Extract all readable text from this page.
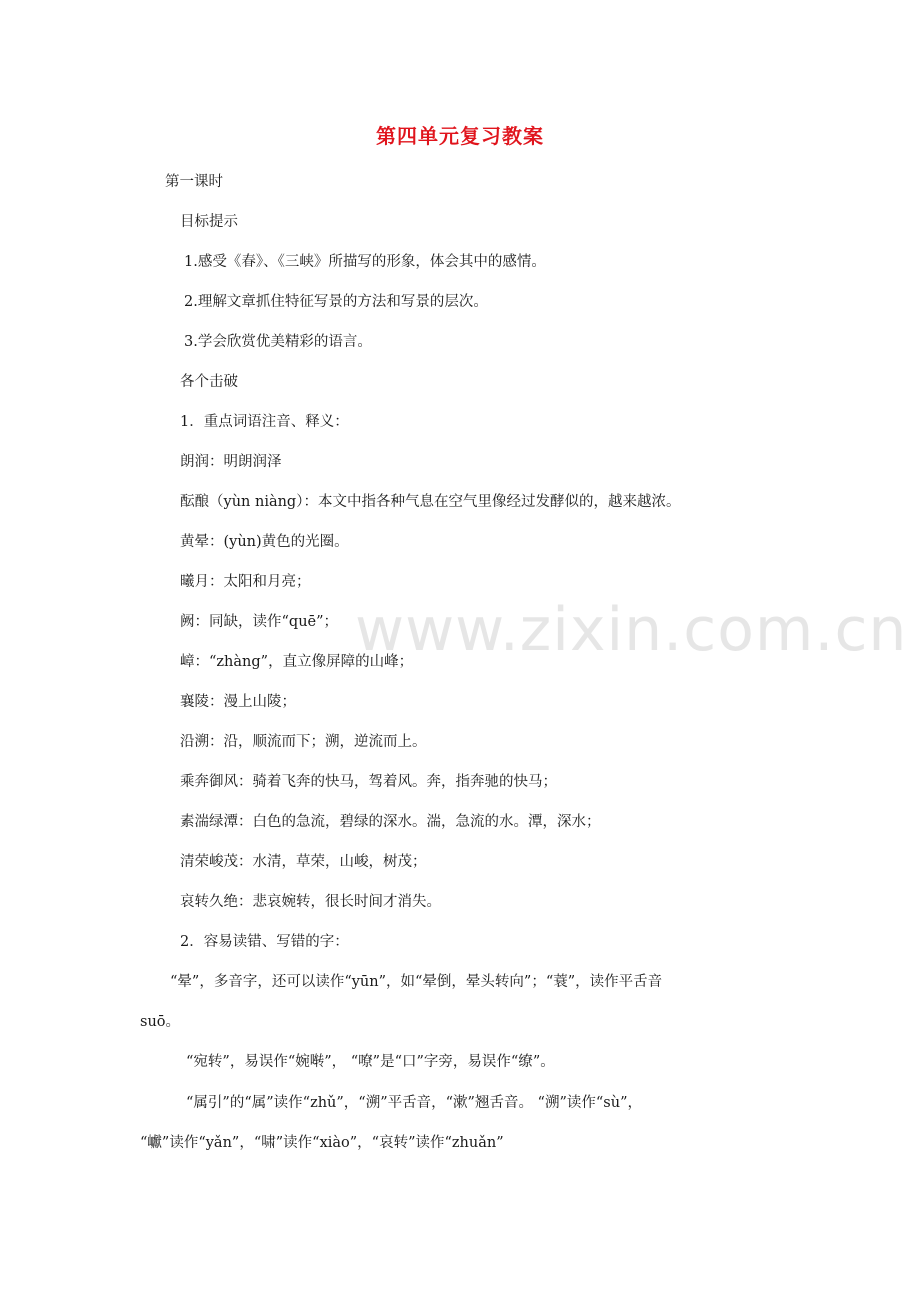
www.zixin.com.cn
第四单元复习教案
第一课时
目标提示
1.感受《春》、《三峡》所描写的形象，体会其中的感情。
2.理解文章抓住特征写景的方法和写景的层次。
3.学会欣赏优美精彩的语言。
各个击破
1．重点词语注音、释义：
朗润：明朗润泽
酝酿（yùn niàng）：本文中指各种气息在空气里像经过发酵似的，越来越浓。
黄晕：(yùn)黄色的光圈。
曦月：太阳和月亮；
阙：同缺，读作“quē”；
嶂：“zhàng”，直立像屏障的山峰；
襄陵：漫上山陵；
沿溯：沿，顺流而下；溯，逆流而上。
乘奔御风：骑着飞奔的快马，驾着风。奔，指奔驰的快马；
素湍绿潭：白色的急流，碧绿的深水。湍，急流的水。潭，深水；
清荣峻茂：水清，草荣，山峻，树茂；
哀转久绝：悲哀婉转，很长时间才消失。
2．容易读错、写错的字：
“晕”，多音字，还可以读作“yūn”，如“晕倒，晕头转向”；“蓑”，读作平舌音
suō。
“宛转”，易误作“婉啭”， “嘹”是“口”字旁，易误作“缭”。
“属引”的“属”读作“zhǔ”，“溯”平舌音，“漱”翘舌音。 “溯”读作“sù”，
“巘”读作“yǎn”，“啸”读作“xiào”，“哀转”读作“zhuǎn”
